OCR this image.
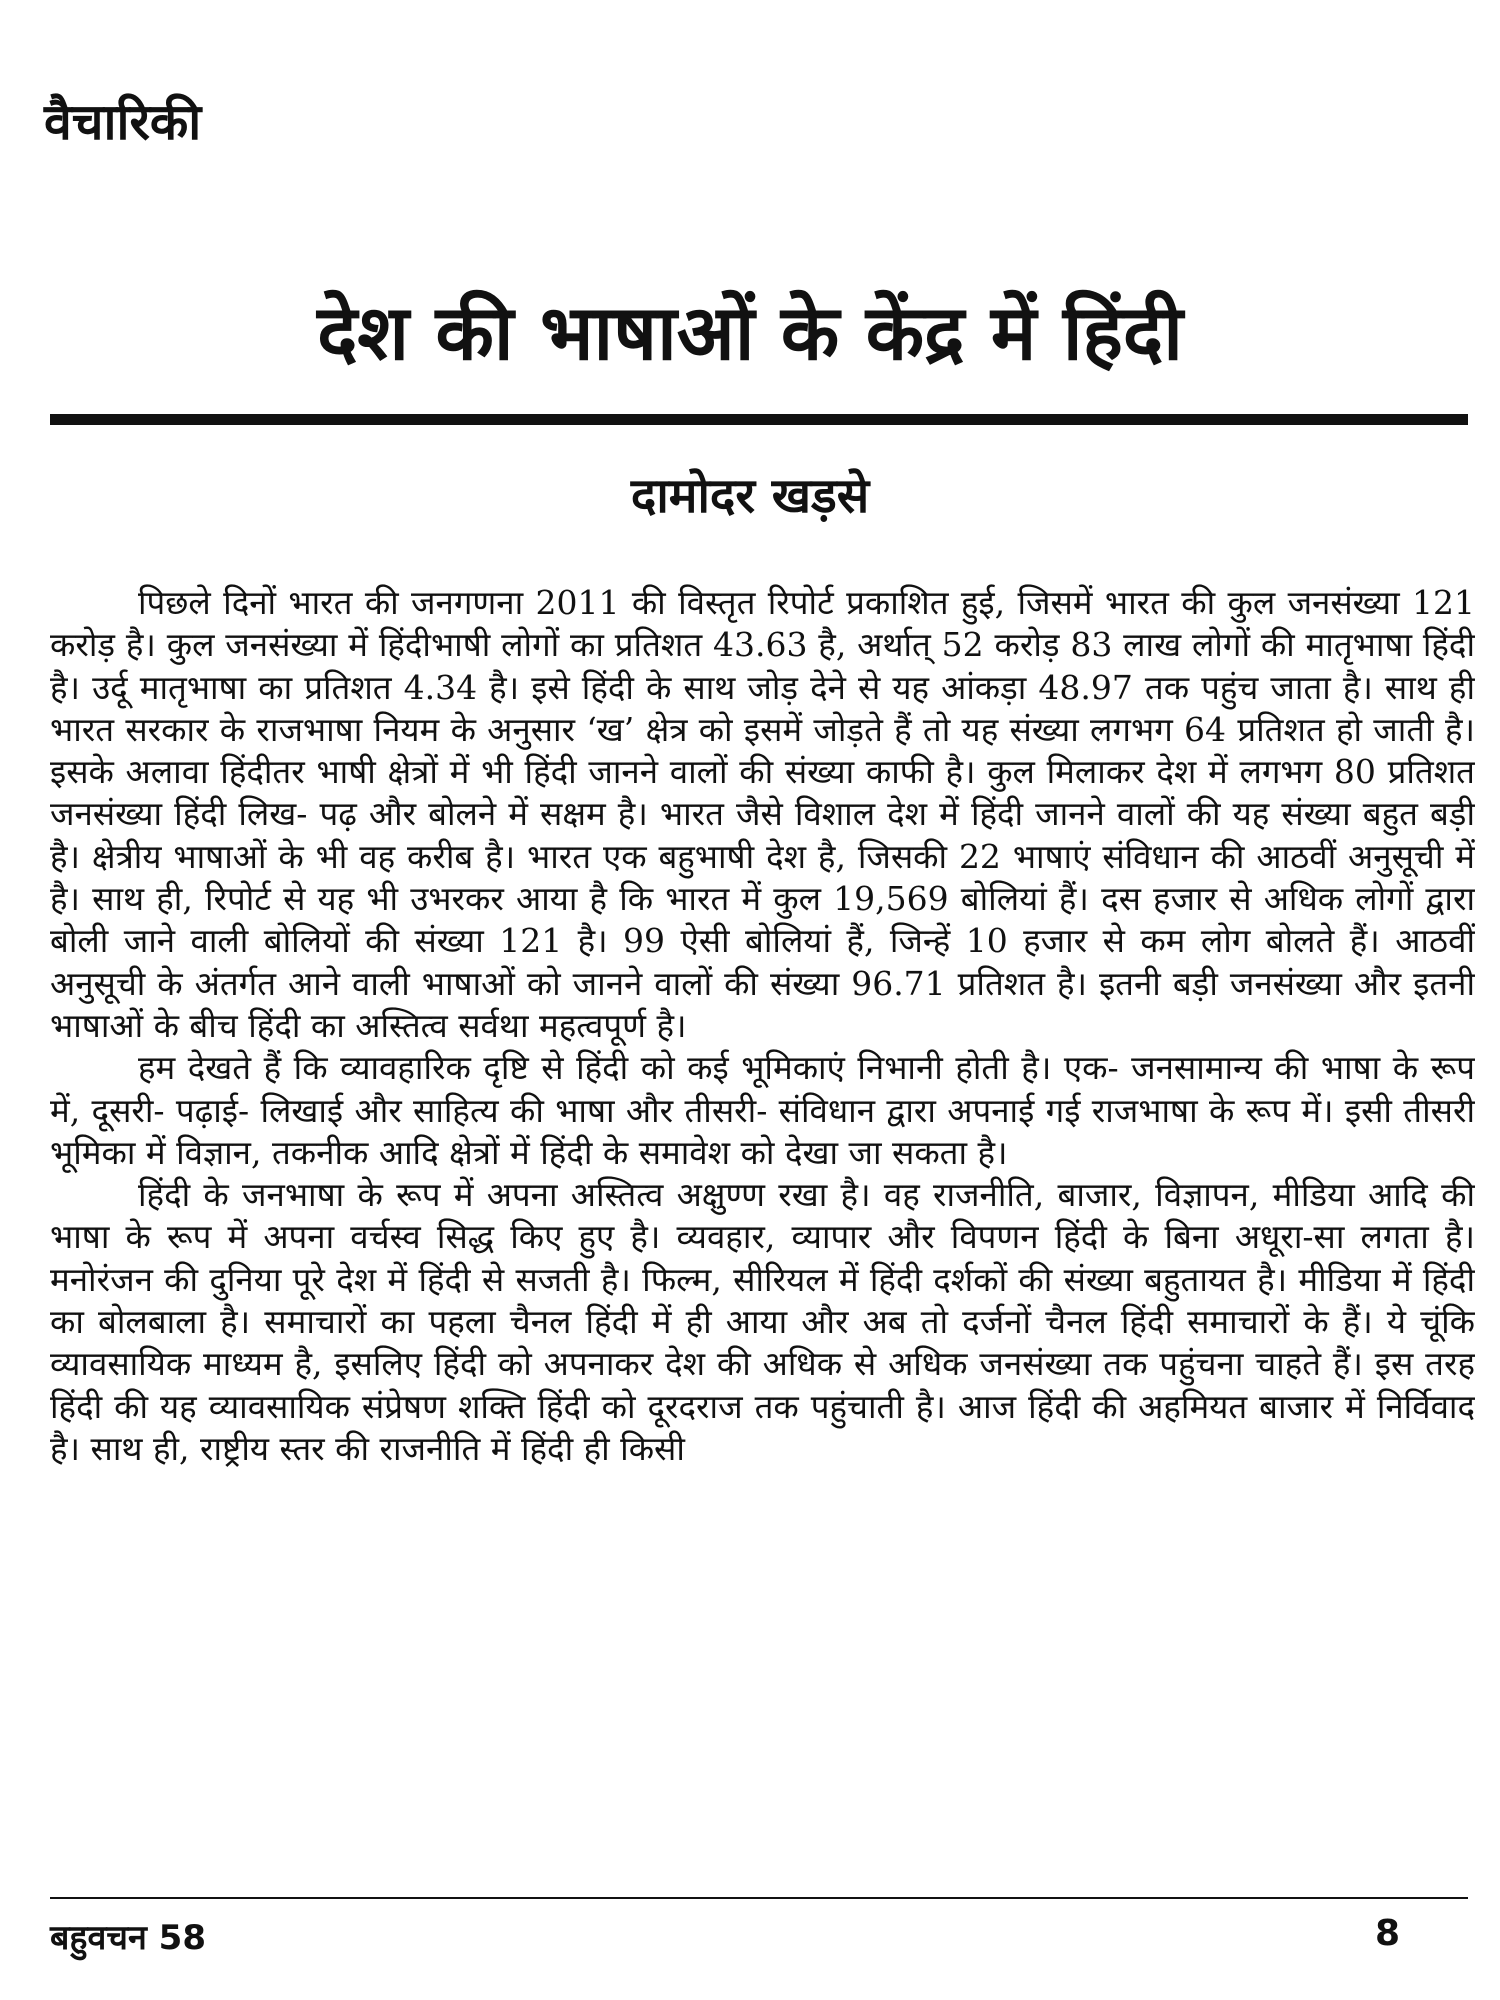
वैचारिकी
देश की भाषाओं के केंद्र में हिंदी
दामोदर खड़से

पिछले दिनों भारत की जनगणना 2011 की विस्तृत रिपोर्ट प्रकाशित हुई, जिसमें भारत की कुल जनसंख्या 121 करोड़ है। कुल जनसंख्या में हिंदीभाषी लोगों का प्रतिशत 43.63 है, अर्थात् 52 करोड़ 83 लाख लोगों की मातृभाषा हिंदी है। उर्दू मातृभाषा का प्रतिशत 4.34 है। इसे हिंदी के साथ जोड़ देने से यह आंकड़ा 48.97 तक पहुंच जाता है। साथ ही भारत सरकार के राजभाषा नियम के अनुसार ‘ख’ क्षेत्र को इसमें जोड़ते हैं तो यह संख्या लगभग 64 प्रतिशत हो जाती है। इसके अलावा हिंदीतर भाषी क्षेत्रों में भी हिंदी जानने वालों की संख्या काफी है। कुल मिलाकर देश में लगभग 80 प्रतिशत जनसंख्या हिंदी लिख- पढ़ और बोलने में सक्षम है। भारत जैसे विशाल देश में हिंदी जानने वालों की यह संख्या बहुत बड़ी है। क्षेत्रीय भाषाओं के भी वह करीब है। भारत एक बहुभाषी देश है, जिसकी 22 भाषाएं संविधान की आठवीं अनुसूची में है। साथ ही, रिपोर्ट से यह भी उभरकर आया है कि भारत में कुल 19,569 बोलियां हैं। दस हजार से अधिक लोगों द्वारा बोली जाने वाली बोलियों की संख्या 121 है। 99 ऐसी बोलियां हैं, जिन्हें 10 हजार से कम लोग बोलते हैं। आठवीं अनुसूची के अंतर्गत आने वाली भाषाओं को जानने वालों की संख्या 96.71 प्रतिशत है। इतनी बड़ी जनसंख्या और इतनी भाषाओं के बीच हिंदी का अस्तित्व सर्वथा महत्वपूर्ण है।

हम देखते हैं कि व्यावहारिक दृष्टि से हिंदी को कई भूमिकाएं निभानी होती है। एक- जनसामान्य की भाषा के रूप में, दूसरी- पढ़ाई- लिखाई और साहित्य की भाषा और तीसरी- संविधान द्वारा अपनाई गई राजभाषा के रूप में। इसी तीसरी भूमिका में विज्ञान, तकनीक आदि क्षेत्रों में हिंदी के समावेश को देखा जा सकता है।

हिंदी के जनभाषा के रूप में अपना अस्तित्व अक्षुण्ण रखा है। वह राजनीति, बाजार, विज्ञापन, मीडिया आदि की भाषा के रूप में अपना वर्चस्व सिद्ध किए हुए है। व्यवहार, व्यापार और विपणन हिंदी के बिना अधूरा-सा लगता है। मनोरंजन की दुनिया पूरे देश में हिंदी से सजती है। फिल्म, सीरियल में हिंदी दर्शकों की संख्या बहुतायत है। मीडिया में हिंदी का बोलबाला है। समाचारों का पहला चैनल हिंदी में ही आया और अब तो दर्जनों चैनल हिंदी समाचारों के हैं। ये चूंकि व्यावसायिक माध्यम है, इसलिए हिंदी को अपनाकर देश की अधिक से अधिक जनसंख्या तक पहुंचना चाहते हैं। इस तरह हिंदी की यह व्यावसायिक संप्रेषण शक्ति हिंदी को दूरदराज तक पहुंचाती है। आज हिंदी की अहमियत बाजार में निर्विवाद है। साथ ही, राष्ट्रीय स्तर की राजनीति में हिंदी ही किसी

बहुवचन 58	8
